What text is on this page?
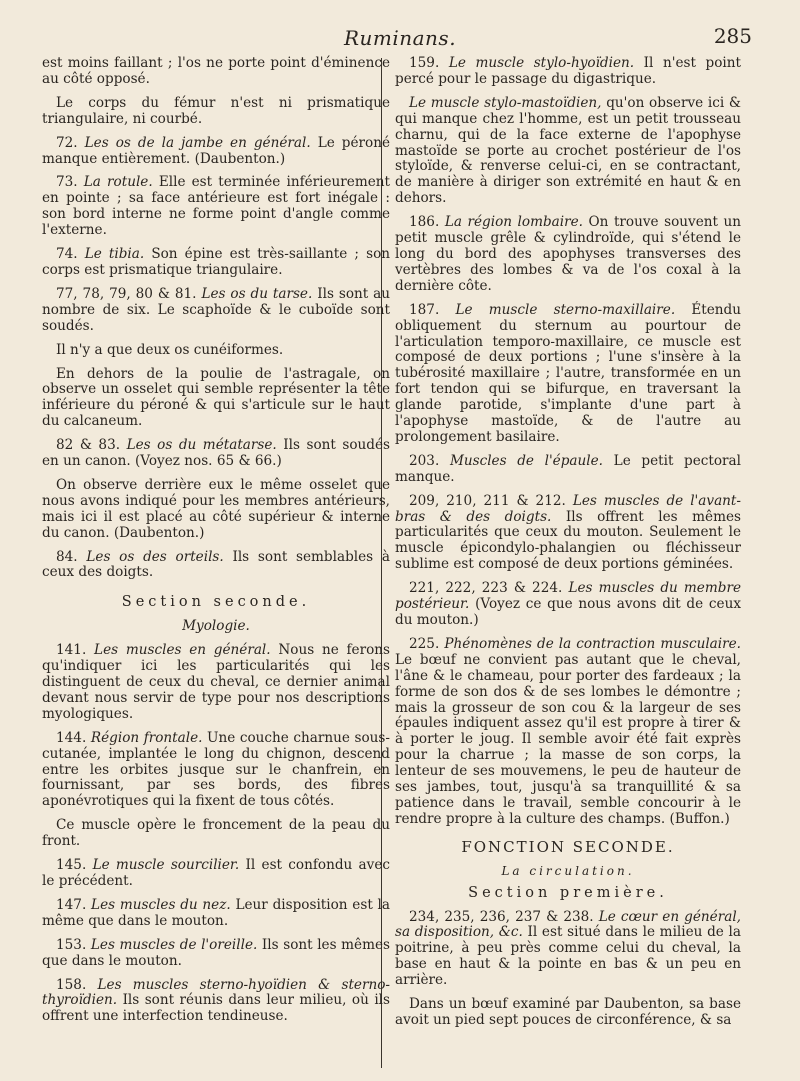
Ruminans.	285

est moins faillant ; l'os ne porte point d'éminence au côté opposé.

Le corps du fémur n'est ni prismatique triangulaire, ni courbé.

72. Les os de la jambe en général. Le péroné manque entièrement. (Daubenton.)

73. La rotule. Elle est terminée inférieurement en pointe ; sa face antérieure est fort inégale : son bord interne ne forme point d'angle comme l'externe.

74. Le tibia. Son épine est très-saillante ; son corps est prismatique triangulaire.

77, 78, 79, 80 & 81. Les os du tarse. Ils sont au nombre de six. Le scaphoïde & le cuboïde sont soudés.

Il n'y a que deux os cunéiformes.

En dehors de la poulie de l'astragale, on observe un osselet qui semble représenter la tête inférieure du péroné & qui s'articule sur le haut du calcaneum.

82 & 83. Les os du métatarse. Ils sont soudés en un canon. (Voyez nos. 65 & 66.)

On observe derrière eux le même osselet que nous avons indiqué pour les membres antérieurs, mais ici il est placé au côté supérieur & interne du canon. (Daubenton.)

84. Les os des orteils. Ils sont semblables à ceux des doigts.

Section seconde.
Myologie.

141. Les muscles en général. Nous ne ferons qu'indiquer ici les particularités qui les distinguent de ceux du cheval, ce dernier animal devant nous servir de type pour nos descriptions myologiques.

144. Région frontale. Une couche charnue sous-cutanée, implantée le long du chignon, descend entre les orbites jusque sur le chanfrein, en fournissant, par ses bords, des fibres aponévrotiques qui la fixent de tous côtés.

Ce muscle opère le froncement de la peau du front.

145. Le muscle sourcilier. Il est confondu avec le précédent.

147. Les muscles du nez. Leur disposition est la même que dans le mouton.

153. Les muscles de l'oreille. Ils sont les mêmes que dans le mouton.

158. Les muscles sterno-hyoïdien & sterno-thyroïdien. Ils sont réunis dans leur milieu, où ils offrent une interfection tendineuse.

159. Le muscle stylo-hyoïdien. Il n'est point percé pour le passage du digastrique.

Le muscle stylo-mastoïdien, qu'on observe ici & qui manque chez l'homme, est un petit trousseau charnu, qui de la face externe de l'apophyse mastoïde se porte au crochet postérieur de l'os styloïde, & renverse celui-ci, en se contractant, de manière à diriger son extrémité en haut & en dehors.

186. La région lombaire. On trouve souvent un petit muscle grêle & cylindroïde, qui s'étend le long du bord des apophyses transverses des vertèbres des lombes & va de l'os coxal à la dernière côte.

187. Le muscle sterno-maxillaire. Étendu obliquement du sternum au pourtour de l'articulation temporo-maxillaire, ce muscle est composé de deux portions ; l'une s'insère à la tubérosité maxillaire ; l'autre, transformée en un fort tendon qui se bifurque, en traversant la glande parotide, s'implante d'une part à l'apophyse mastoïde, & de l'autre au prolongement basilaire.

203. Muscles de l'épaule. Le petit pectoral manque.

209, 210, 211 & 212. Les muscles de l'avant-bras & des doigts. Ils offrent les mêmes particularités que ceux du mouton. Seulement le muscle épicondylo-phalangien ou fléchisseur sublime est composé de deux portions géminées.

221, 222, 223 & 224. Les muscles du membre postérieur. (Voyez ce que nous avons dit de ceux du mouton.)

225. Phénomènes de la contraction musculaire. Le bœuf ne convient pas autant que le cheval, l'âne & le chameau, pour porter des fardeaux ; la forme de son dos & de ses lombes le démontre ; mais la grosseur de son cou & la largeur de ses épaules indiquent assez qu'il est propre à tirer & à porter le joug. Il semble avoir été fait exprès pour la charrue ; la masse de son corps, la lenteur de ses mouvemens, le peu de hauteur de ses jambes, tout, jusqu'à sa tranquillité & sa patience dans le travail, semble concourir à le rendre propre à la culture des champs. (Buffon.)

FONCTION SECONDE.
La circulation.
Section première.

234, 235, 236, 237 & 238. Le cœur en général, sa disposition, &c. Il est situé dans le milieu de la poitrine, à peu près comme celui du cheval, la base en haut & la pointe en bas & un peu en arrière.

Dans un bœuf examiné par Daubenton, sa base avoit un pied sept pouces de circonférence, & sa
